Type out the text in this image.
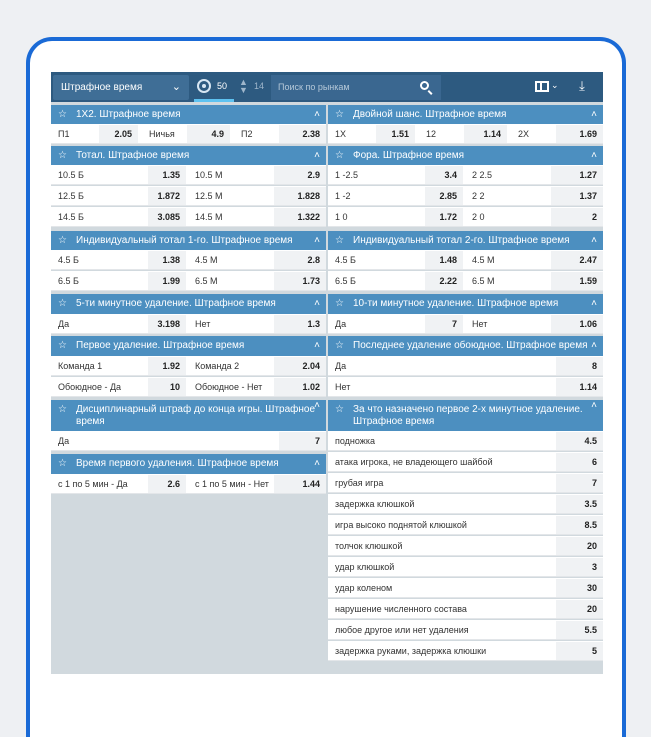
Штрафное время	⌄	50 ▲
▼ 14	Поиск по рынкам	⌄	⤓
☆ 1X2. Штрафное время	˄
П1	2.05	Ничья	4.9	П2	2.38
☆ Двойной шанс. Штрафное время	˄
1X	1.51	12	1.14	2X	1.69
☆ Тотал. Штрафное время	˄
10.5 Б	1.35	10.5 М	2.9
12.5 Б	1.872	12.5 М	1.828
14.5 Б	3.085	14.5 М	1.322
☆ Фора. Штрафное время	˄
1 -2.5	3.4	2 2.5	1.27
1 -2	2.85	2 2	1.37
1 0	1.72	2 0	2
☆ Индивидуальный тотал 1-го. Штрафное время ˄
4.5 Б	1.38	4.5 М	2.8
6.5 Б	1.99	6.5 М	1.73
☆ Индивидуальный тотал 2-го. Штрафное время ˄
4.5 Б	1.48	4.5 М	2.47
6.5 Б	2.22	6.5 М	1.59
☆ 5-ти минутное удаление. Штрафное время	˄
Да	3.198	Нет	1.3
☆ 10-ти минутное удаление. Штрафное время	˄
Да	7	Нет	1.06
☆ Первое удаление. Штрафное время	˄
Команда 1	1.92	Команда 2	2.04
Обоюдное - Да	10	Обоюдное - Нет	1.02
☆ Последнее удаление обоюдное. Штрафное время ˄
Да	8
Нет	1.14
☆ Дисциплинарный штраф до конца игры. Штрафное
время
˄
Да	7
☆ Время первого удаления. Штрафное время	˄
с 1 по 5 мин - Да	2.6	с 1 по 5 мин - Нет	1.44
☆ За что назначено первое 2-х минутное удаление.
Штрафное время
˄
подножка	4.5
атака игрока, не владеющего шайбой	6
грубая игра	7
задержка клюшкой	3.5
игра высоко поднятой клюшкой	8.5
толчок клюшкой	20
удар клюшкой	3
удар коленом	30
нарушение численного состава	20
любое другое или нет удаления	5.5
задержка руками, задержка клюшки	5
